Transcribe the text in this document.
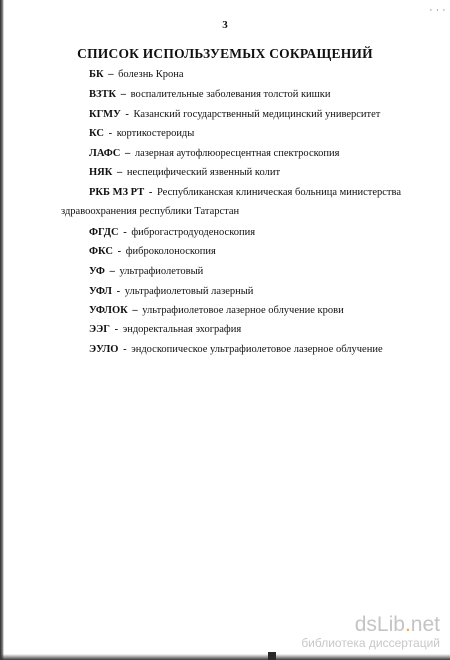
∙ ∙ ∙
3
СПИСОК ИСПОЛЬЗУЕМЫХ СОКРАЩЕНИЙ
БК – болезнь Крона
ВЗТК – воспалительные заболевания толстой кишки
КГМУ - Казанский государственный медицинский университет
КС - кортикостероиды
ЛАФС – лазерная аутофлюоресцентная спектроскопия
НЯК – неспецифический язвенный колит
РКБ МЗ РТ - Республиканская клиническая больница министерства
здравоохранения республики Татарстан
ФГДС - фиброгастродуоденоскопия
ФКС - фиброколоноскопия
УФ – ультрафиолетовый
УФЛ - ультрафиолетовый лазерный
УФЛОК – ультрафиолетовое лазерное облучение крови
ЭЭГ - эндоректальная эхография
ЭУЛО - эндоскопическое ультрафиолетовое лазерное облучение
dsLib.net
библиотека диссертаций
